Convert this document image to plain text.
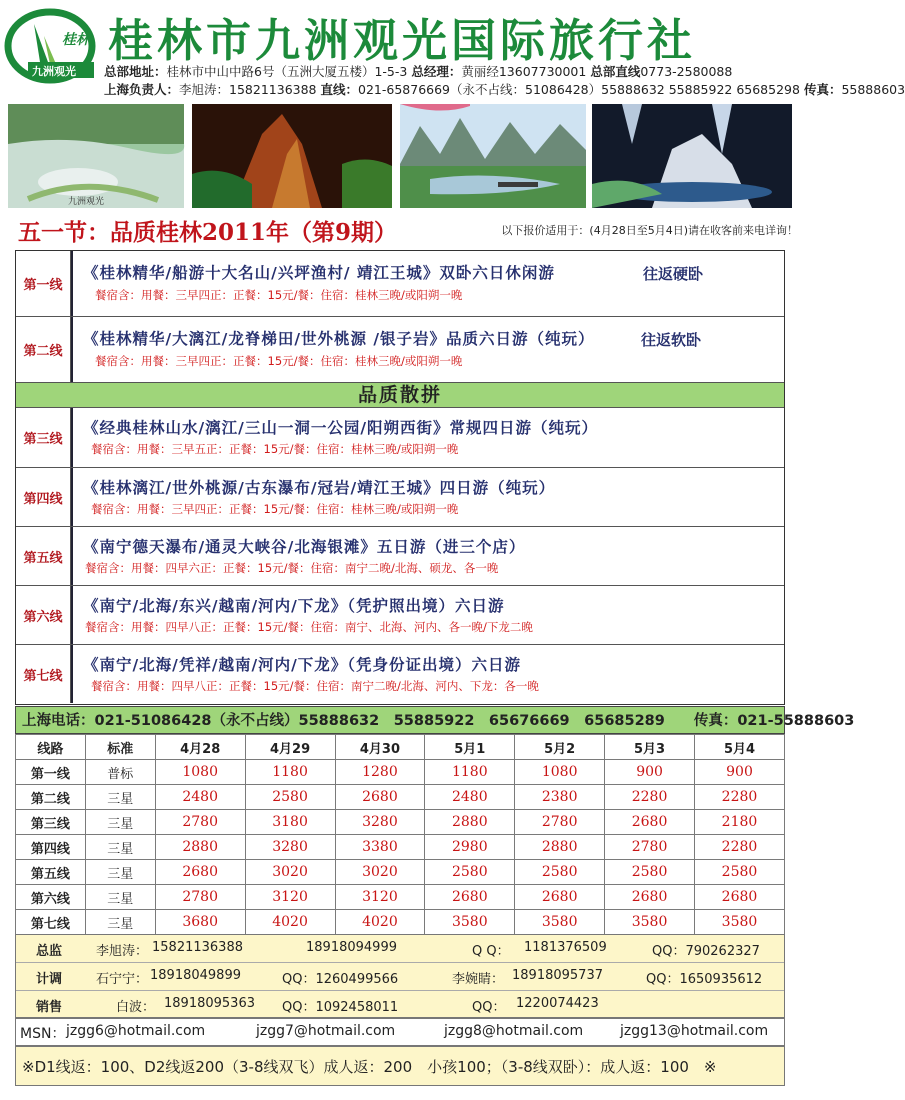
桂林
九洲观光
桂林市九洲观光国际旅行社
总部地址：桂林市中山中路6号（五洲大厦五楼）1-5-3 总经理：黄丽经13607730001 总部直线0773-2580088
上海负责人：李旭涛：15821136388 直线：021-65876669（永不占线：51086428）55888632 55885922 65685298 传真：55888603
九洲观光
五一节：品质桂林2011年（第9期）	以下报价适用于：(4月28日至5月4日)请在收客前来电详询！
第一线
《桂林精华/船游十大名山/兴坪渔村/ 靖江王城》双卧六日休闲游	往返硬卧
餐宿含：用餐：三早四正：正餐：15元/餐：住宿：桂林三晚/或阳朔一晚
第二线
《桂林精华/大漓江/龙脊梯田/世外桃源 /银子岩》品质六日游（纯玩）	往返软卧
餐宿含：用餐：三早四正：正餐：15元/餐：住宿：桂林三晚/或阳朔一晚
品质散拼
第三线
《经典桂林山水/漓江/三山一洞一公园/阳朔西街》常规四日游（纯玩）
餐宿含：用餐：三早五正：正餐：15元/餐：住宿：桂林三晚/或阳朔一晚
第四线
《桂林漓江/世外桃源/古东瀑布/冠岩/靖江王城》四日游（纯玩）
餐宿含：用餐：三早四正：正餐：15元/餐：住宿：桂林三晚/或阳朔一晚
第五线
《南宁德天瀑布/通灵大峡谷/北海银滩》五日游（进三个店）
餐宿含：用餐：四早六正：正餐：15元/餐：住宿：南宁二晚/北海、硕龙、各一晚
第六线
《南宁/北海/东兴/越南/河内/下龙》（凭护照出境）六日游
餐宿含：用餐：四早八正：正餐：15元/餐：住宿：南宁、北海、河内、各一晚/下龙二晚
第七线
《南宁/北海/凭祥/越南/河内/下龙》（凭身份证出境）六日游
餐宿含：用餐：四早八正：正餐：15元/餐：住宿：南宁二晚/北海、河内、下龙：各一晚
上海电话：021-51086428（永不占线）55888632　55885922　65676669　65685289　　传真：021-55888603
线路	标准	4月28	4月29	4月30	5月1	5月2	5月3	5月4
第一线	普标	1080	1180	1280	1180	1080	900	900
第二线	三星	2480	2580	2680	2480	2380	2280	2280
第三线	三星	2780	3180	3280	2880	2780	2680	2180
第四线	三星	2880	3280	3380	2980	2880	2780	2280
第五线	三星	2680	3020	3020	2580	2580	2580	2580
第六线	三星	2780	3120	3120	2680	2680	2680	2680
第七线	三星	3680	4020	4020	3580	3580	3580	3580
总监	李旭涛： 15821136388	18918094999	Q Q： 1181376509	QQ：790262327
计调	石宁宁： 18918049899	QQ：1260499566	李婉睛： 18918095737	QQ：1650935612
销售	白波： 18918095363 QQ：1092458011	QQ： 1220074423
MSN： jzgg6@hotmail.com	jzgg7@hotmail.com	jzgg8@hotmail.com	jzgg13@hotmail.com
※D1线返：100、D2线返200（3-8线双飞）成人返：200　小孩100；（3-8线双卧）：成人返：100　※
